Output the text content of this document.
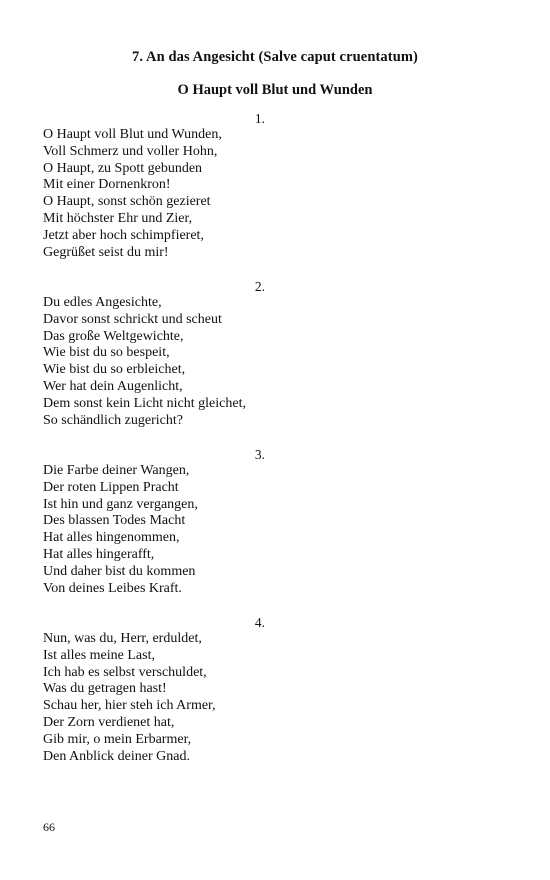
7. An das Angesicht (Salve caput cruentatum)
O Haupt voll Blut und Wunden
1.
O Haupt voll Blut und Wunden,
Voll Schmerz und voller Hohn,
O Haupt, zu Spott gebunden
Mit einer Dornenkron!
O Haupt, sonst schön gezieret
Mit höchster Ehr und Zier,
Jetzt aber hoch schimpfieret,
Gegrüßet seist du mir!
2.
Du edles Angesichte,
Davor sonst schrickt und scheut
Das große Weltgewichte,
Wie bist du so bespeit,
Wie bist du so erbleichet,
Wer hat dein Augenlicht,
Dem sonst kein Licht nicht gleichet,
So schändlich zugericht?
3.
Die Farbe deiner Wangen,
Der roten Lippen Pracht
Ist hin und ganz vergangen,
Des blassen Todes Macht
Hat alles hingenommen,
Hat alles hingerafft,
Und daher bist du kommen
Von deines Leibes Kraft.
4.
Nun, was du, Herr, erduldet,
Ist alles meine Last,
Ich hab es selbst verschuldet,
Was du getragen hast!
Schau her, hier steh ich Armer,
Der Zorn verdienet hat,
Gib mir, o mein Erbarmer,
Den Anblick deiner Gnad.
66
